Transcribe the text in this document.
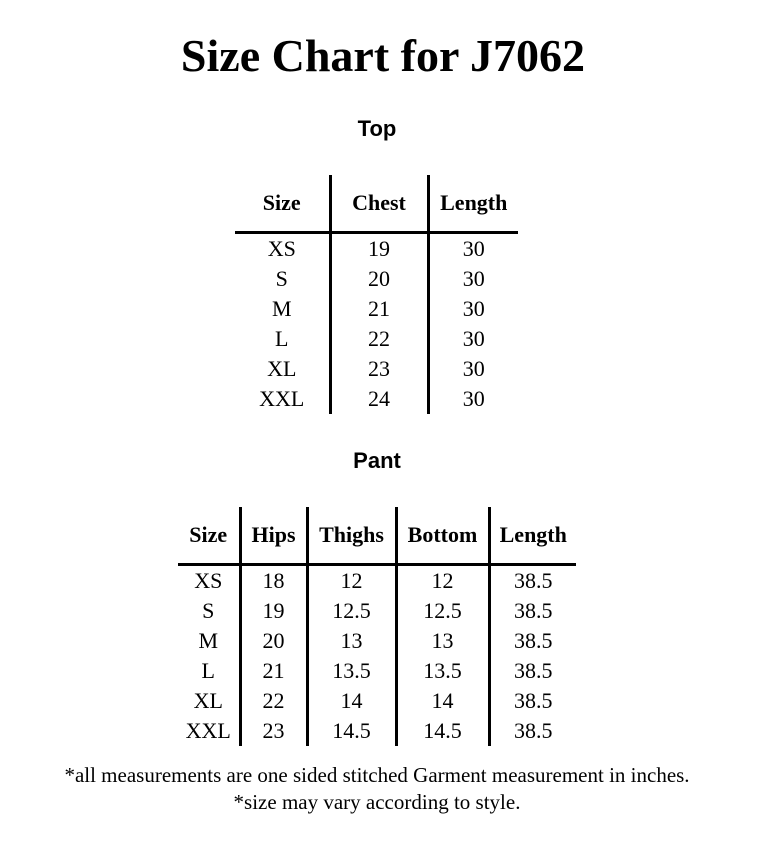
Size Chart for J7062
Top
Size	Chest	Length
XS	19	30
S	20	30
M	21	30
L	22	30
XL	23	30
XXL	24	30
Pant
Size	Hips	Thighs	Bottom	Length
XS	18	12	12	38.5
S	19	12.5	12.5	38.5
M	20	13	13	38.5
L	21	13.5	13.5	38.5
XL	22	14	14	38.5
XXL	23	14.5	14.5	38.5
*all measurements are one sided stitched Garment measurement in inches.
*size may vary according to style.
